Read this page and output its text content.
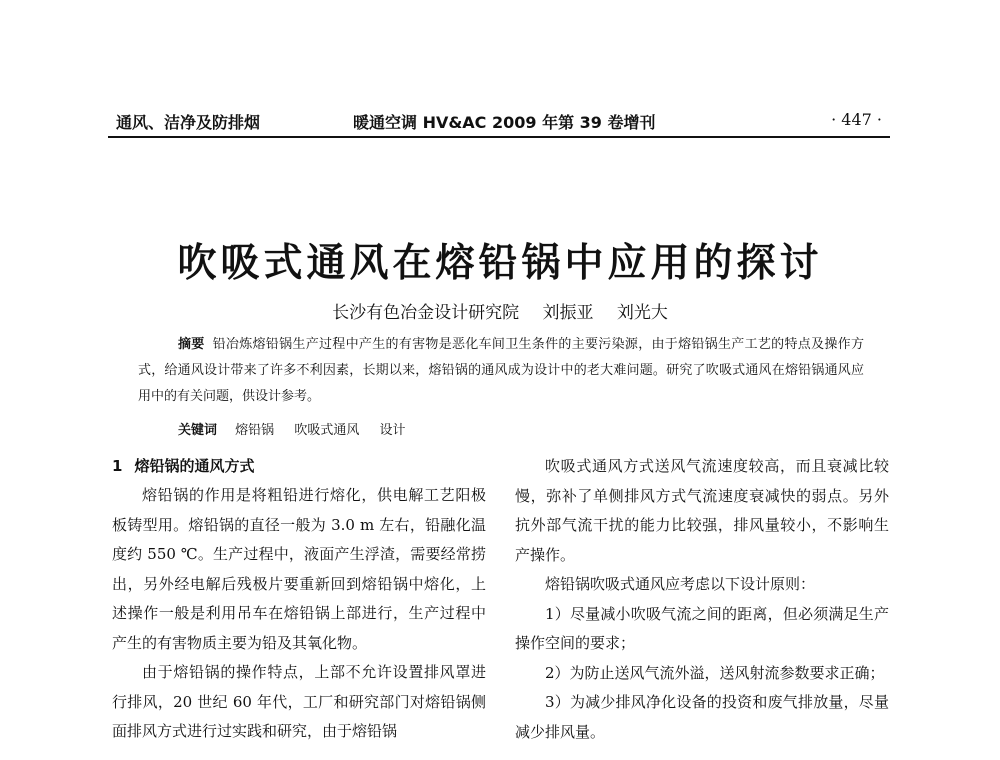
通风、洁净及防排烟	暖通空调 HV&AC 2009 年第 39 卷增刊	· 447 ·
吹吸式通风在熔铅锅中应用的探讨
长沙有色冶金设计研究院 刘振亚 刘光大
摘要 铅冶炼熔铅锅生产过程中产生的有害物是恶化车间卫生条件的主要污染源，由于熔铅锅生产工艺的特点及操作方式，给通风设计带来了许多不利因素，长期以来，熔铅锅的通风成为设计中的老大难问题。研究了吹吸式通风在熔铅锅通风应用中的有关问题，供设计参考。
关键词 熔铅锅 吹吸式通风 设计
1 熔铅锅的通风方式

熔铅锅的作用是将粗铅进行熔化，供电解工艺阳极板铸型用。熔铅锅的直径一般为 3.0 m 左右，铅融化温度约 550 ℃。生产过程中，液面产生浮渣，需要经常捞出，另外经电解后残极片要重新回到熔铅锅中熔化，上述操作一般是利用吊车在熔铅锅上部进行，生产过程中产生的有害物质主要为铅及其氧化物。

由于熔铅锅的操作特点，上部不允许设置排风罩进行排风，20 世纪 60 年代，工厂和研究部门对熔铅锅侧面排风方式进行过实践和研究，由于熔铅锅

吹吸式通风方式送风气流速度较高，而且衰减比较慢，弥补了单侧排风方式气流速度衰减快的弱点。另外抗外部气流干扰的能力比较强，排风量较小，不影响生产操作。

熔铅锅吹吸式通风应考虑以下设计原则：

1）尽量减小吹吸气流之间的距离，但必须满足生产操作空间的要求；

2）为防止送风气流外溢，送风射流参数要求正确；

3）为减少排风净化设备的投资和废气排放量，尽量减少排风量。
